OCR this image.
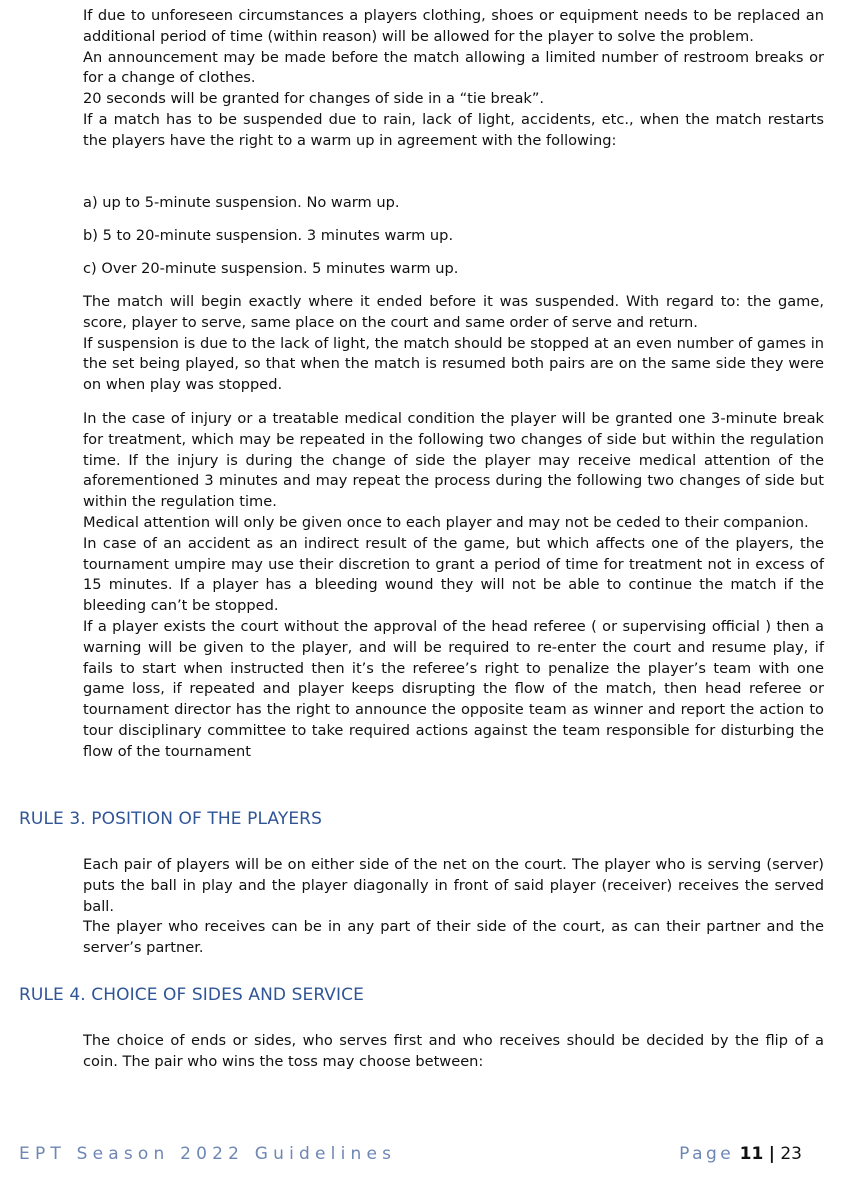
If due to unforeseen circumstances a players clothing, shoes or equipment needs to be replaced an additional period of time (within reason) will be allowed for the player to solve the problem.

An announcement may be made before the match allowing a limited number of restroom breaks or for a change of clothes.

20 seconds will be granted for changes of side in a “tie break”.

If a match has to be suspended due to rain, lack of light, accidents, etc., when the match restarts the players have the right to a warm up in agreement with the following:

a) up to 5-minute suspension. No warm up.

b) 5 to 20-minute suspension. 3 minutes warm up.

c) Over 20-minute suspension. 5 minutes warm up.

The match will begin exactly where it ended before it was suspended. With regard to: the game, score, player to serve, same place on the court and same order of serve and return.

If suspension is due to the lack of light, the match should be stopped at an even number of games in the set being played, so that when the match is resumed both pairs are on the same side they were on when play was stopped.

In the case of injury or a treatable medical condition the player will be granted one 3-minute break for treatment, which may be repeated in the following two changes of side but within the regulation time. If the injury is during the change of side the player may receive medical attention of the aforementioned 3 minutes and may repeat the process during the following two changes of side but within the regulation time.

Medical attention will only be given once to each player and may not be ceded to their companion.

In case of an accident as an indirect result of the game, but which affects one of the players, the tournament umpire may use their discretion to grant a period of time for treatment not in excess of 15 minutes. If a player has a bleeding wound they will not be able to continue the match if the bleeding can’t be stopped.

If a player exists the court without the approval of the head referee ( or supervising official ) then a warning will be given to the player, and will be required to re-enter the court and resume play, if fails to start when instructed then it’s the referee’s right to penalize the player’s team with one game loss, if repeated and player keeps disrupting the flow of the match, then head referee or tournament director has the right to announce the opposite team as winner and report the action to tour disciplinary committee to take required actions against the team responsible for disturbing the flow of the tournament

RULE 3. POSITION OF THE PLAYERS

Each pair of players will be on either side of the net on the court. The player who is serving (server) puts the ball in play and the player diagonally in front of said player (receiver) receives the served ball.

The player who receives can be in any part of their side of the court, as can their partner and the server’s partner.

RULE 4. CHOICE OF SIDES AND SERVICE

The choice of ends or sides, who serves first and who receives should be decided by the flip of a coin. The pair who wins the toss may choose between:

EPT Season 2022 Guidelines	Page 11 | 23
